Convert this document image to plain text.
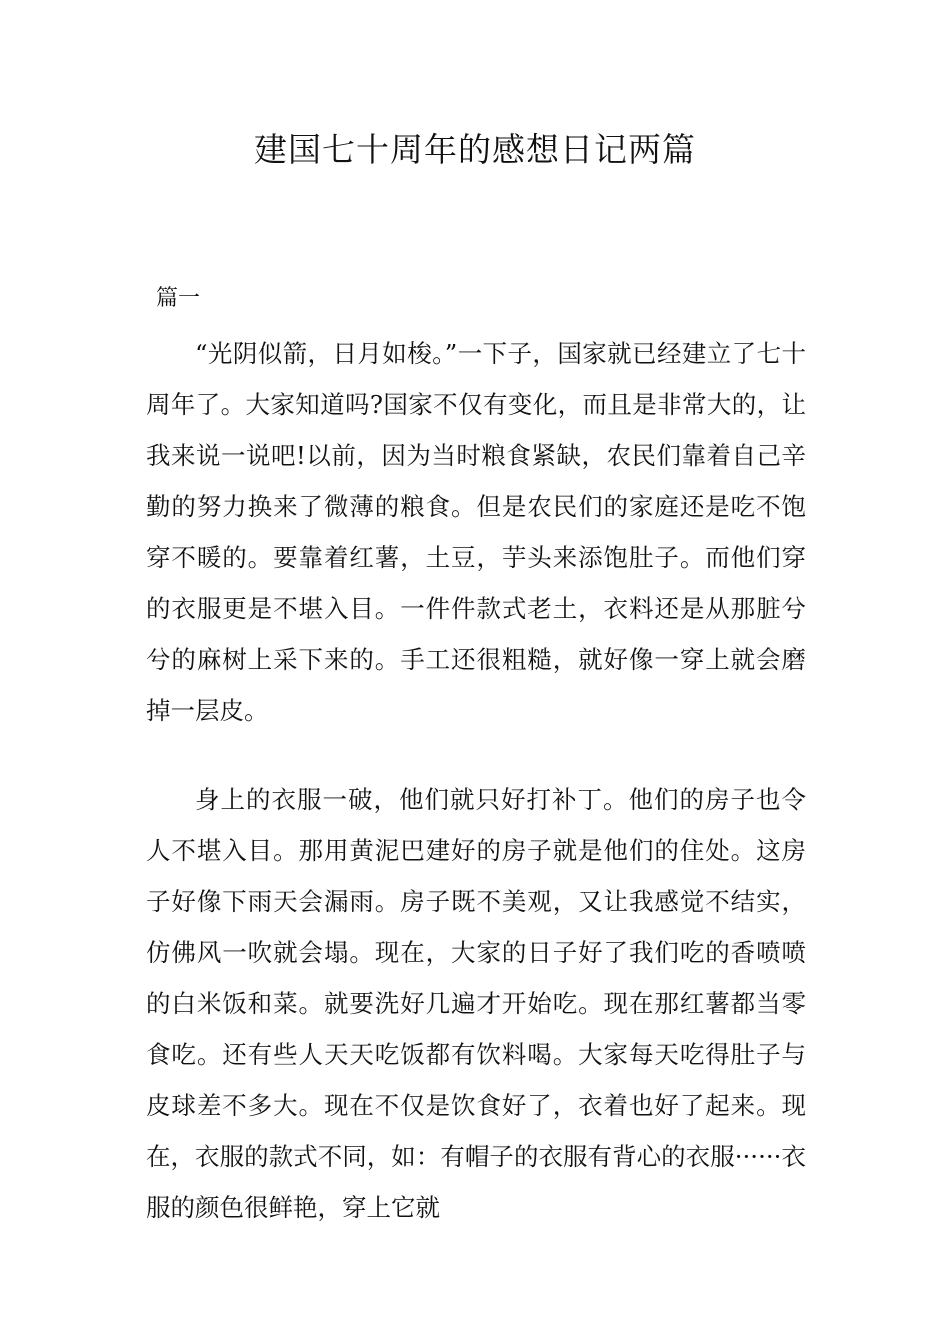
建国七十周年的感想日记两篇
篇一

“光阴似箭，日月如梭。”一下子，国家就已经建立了七十周年了。大家知道吗?国家不仅有变化，而且是非常大的，让我来说一说吧!以前，因为当时粮食紧缺，农民们靠着自己辛勤的努力换来了微薄的粮食。但是农民们的家庭还是吃不饱穿不暖的。要靠着红薯，土豆，芋头来添饱肚子。而他们穿的衣服更是不堪入目。一件件款式老土，衣料还是从那脏兮兮的麻树上采下来的。手工还很粗糙，就好像一穿上就会磨掉一层皮。

身上的衣服一破，他们就只好打补丁。他们的房子也令人不堪入目。那用黄泥巴建好的房子就是他们的住处。这房子好像下雨天会漏雨。房子既不美观，又让我感觉不结实，仿佛风一吹就会塌。现在，大家的日子好了我们吃的香喷喷的白米饭和菜。就要洗好几遍才开始吃。现在那红薯都当零食吃。还有些人天天吃饭都有饮料喝。大家每天吃得肚子与皮球差不多大。现在不仅是饮食好了，衣着也好了起来。现在，衣服的款式不同，如：有帽子的衣服有背心的衣服······衣服的颜色很鲜艳，穿上它就
